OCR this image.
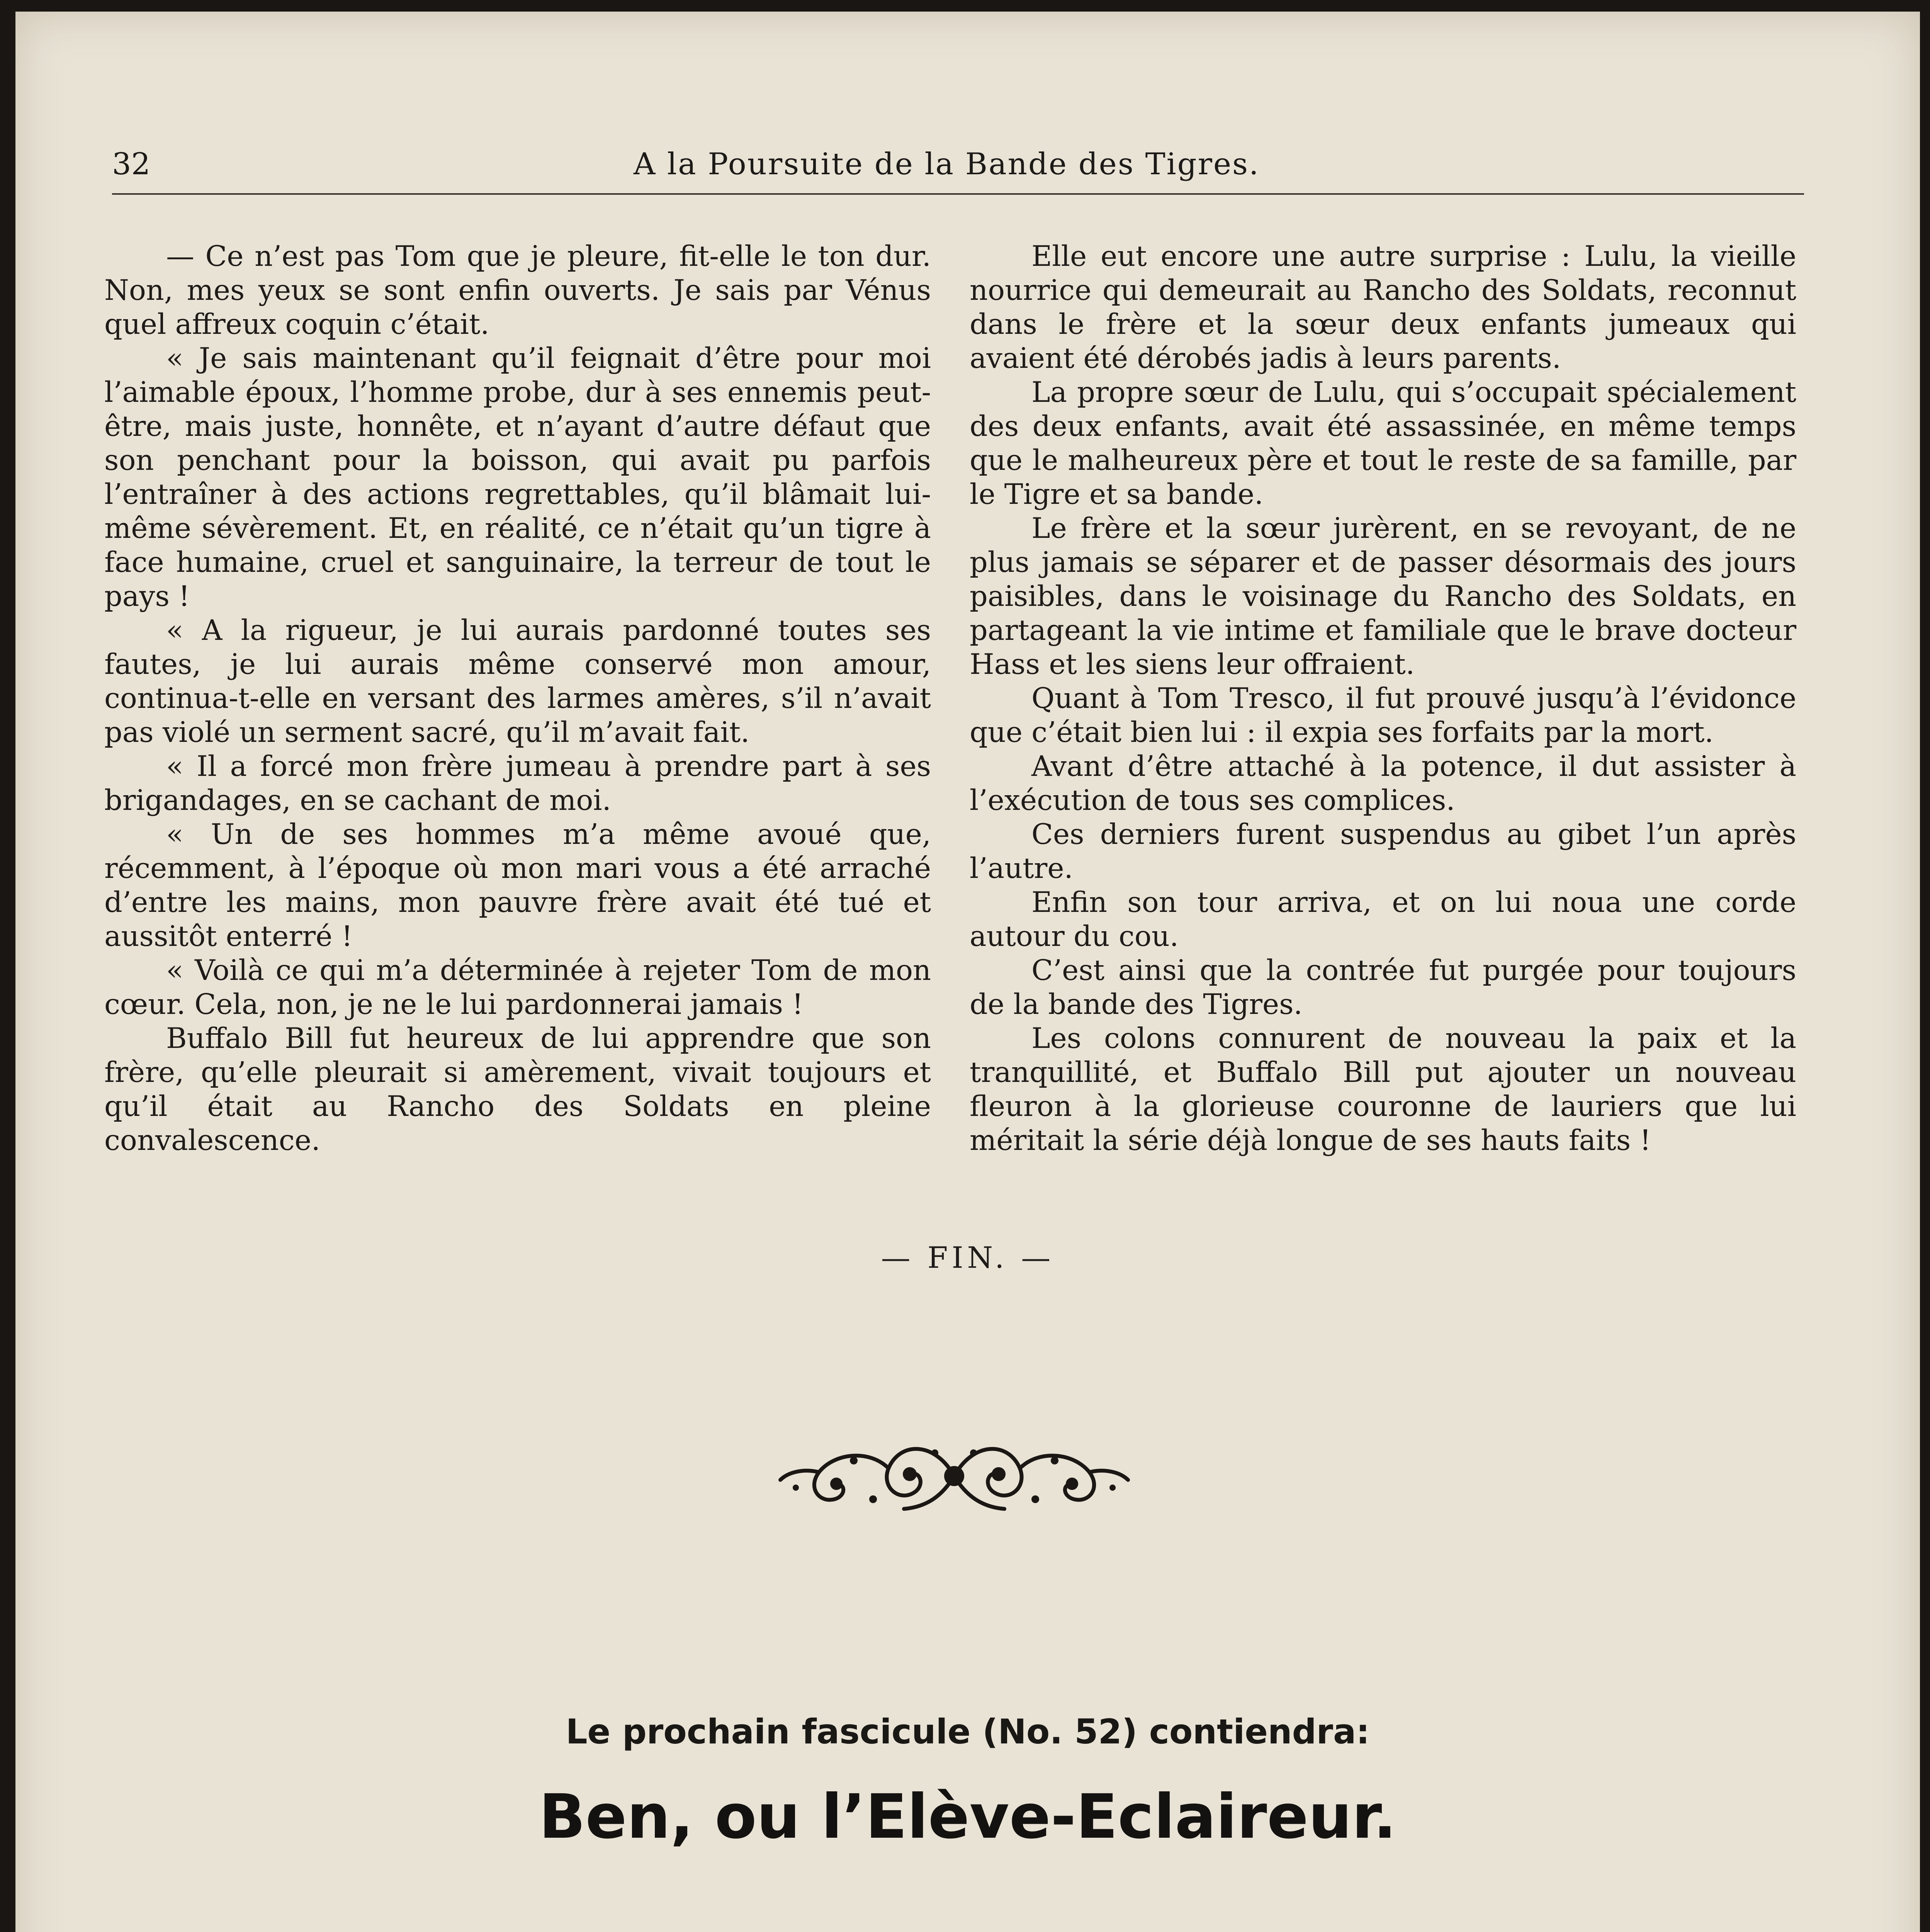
32	A la Poursuite de la Bande des Tigres.

— Ce n’est pas Tom que je pleure, fit-elle le ton dur. Non, mes yeux se sont enfin ouverts. Je sais par Vénus quel affreux coquin c’était.

« Je sais maintenant qu’il feignait d’être pour moi l’aimable époux, l’homme probe, dur à ses ennemis peut-être, mais juste, honnête, et n’ayant d’autre défaut que son penchant pour la boisson, qui avait pu parfois l’entraîner à des actions regrettables, qu’il blâmait lui-même sévèrement. Et, en réalité, ce n’était qu’un tigre à face humaine, cruel et sanguinaire, la terreur de tout le pays !

« A la rigueur, je lui aurais pardonné toutes ses fautes, je lui aurais même conservé mon amour, continua-t-elle en versant des larmes amères, s’il n’avait pas violé un serment sacré, qu’il m’avait fait.

« Il a forcé mon frère jumeau à prendre part à ses brigandages, en se cachant de moi.

« Un de ses hommes m’a même avoué que, récemment, à l’époque où mon mari vous a été arraché d’entre les mains, mon pauvre frère avait été tué et aussitôt enterré !

« Voilà ce qui m’a déterminée à rejeter Tom de mon cœur. Cela, non, je ne le lui pardonnerai jamais !

Buffalo Bill fut heureux de lui apprendre que son frère, qu’elle pleurait si amèrement, vivait toujours et qu’il était au Rancho des Soldats en pleine convalescence.

Elle eut encore une autre surprise : Lulu, la vieille nourrice qui demeurait au Rancho des Soldats, reconnut dans le frère et la sœur deux enfants jumeaux qui avaient été dérobés jadis à leurs parents.

La propre sœur de Lulu, qui s’occupait spécialement des deux enfants, avait été assassinée, en même temps que le malheureux père et tout le reste de sa famille, par le Tigre et sa bande.

Le frère et la sœur jurèrent, en se revoyant, de ne plus jamais se séparer et de passer désormais des jours paisibles, dans le voisinage du Rancho des Soldats, en partageant la vie intime et familiale que le brave docteur Hass et les siens leur offraient.

Quant à Tom Tresco, il fut prouvé jusqu’à l’évidonce que c’était bien lui : il expia ses forfaits par la mort.

Avant d’être attaché à la potence, il dut assister à l’exécution de tous ses complices.

Ces derniers furent suspendus au gibet l’un après l’autre.

Enfin son tour arriva, et on lui noua une corde autour du cou.

C’est ainsi que la contrée fut purgée pour toujours de la bande des Tigres.

Les colons connurent de nouveau la paix et la tranquillité, et Buffalo Bill put ajouter un nouveau fleuron à la glorieuse couronne de lauriers que lui méritait la série déjà longue de ses hauts faits !

— FIN. —
Le prochain fascicule (No. 52) contiendra:
Ben, ou l’Elève-Eclaireur.
